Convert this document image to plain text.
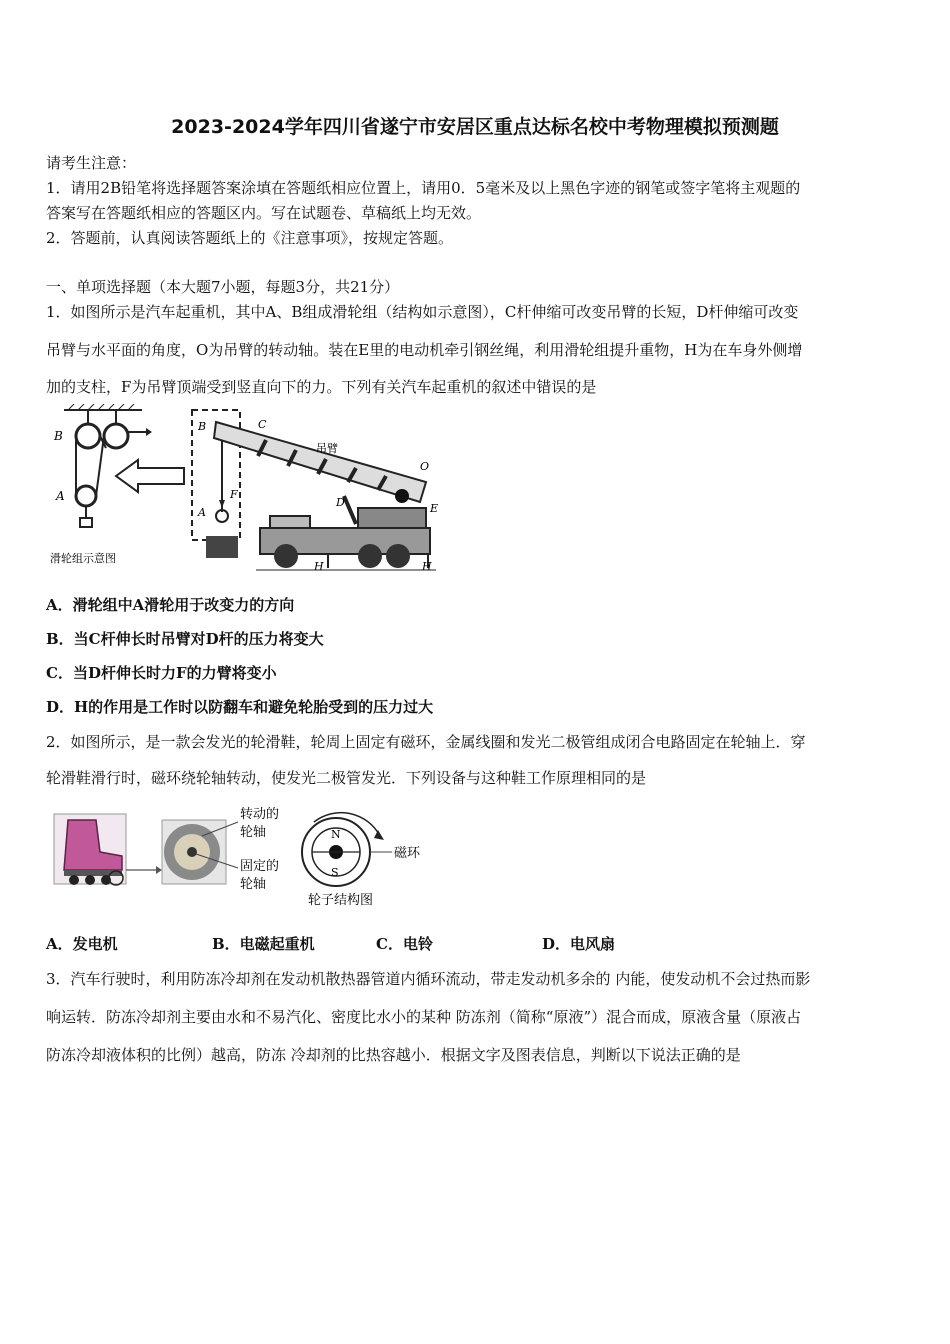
2023-2024学年四川省遂宁市安居区重点达标名校中考物理模拟预测题
请考生注意：
1．请用2B铅笔将选择题答案涂填在答题纸相应位置上，请用0．5毫米及以上黑色字迹的钢笔或签字笔将主观题的
答案写在答题纸相应的答题区内。写在试题卷、草稿纸上均无效。
2．答题前，认真阅读答题纸上的《注意事项》，按规定答题。
一、单项选择题（本大题7小题，每题3分，共21分）
1．如图所示是汽车起重机，其中A、B组成滑轮组（结构如示意图），C杆伸缩可改变吊臂的长短，D杆伸缩可改变
吊臂与水平面的角度，O为吊臂的转动轴。装在E里的电动机牵引钢丝绳，利用滑轮组提升重物，H为在车身外侧增
加的支柱，F为吊臂顶端受到竖直向下的力。下列有关汽车起重机的叙述中错误的是
B
A
滑轮组示意图
B
A
F
C
吊臂
O
D	E
H	H
A．滑轮组中A滑轮用于改变力的方向
B．当C杆伸长时吊臂对D杆的压力将变大
C．当D杆伸长时力F的力臂将变小
D．H的作用是工作时以防翻车和避免轮胎受到的压力过大
2．如图所示，是一款会发光的轮滑鞋，轮周上固定有磁环，金属线圈和发光二极管组成闭合电路固定在轮轴上．穿
轮滑鞋滑行时，磁环绕轮轴转动，使发光二极管发光．下列设备与这种鞋工作原理相同的是
转动的
轮轴
固定的
轮轴
N
S
磁环
轮子结构图
A．发电机	B．电磁起重机	C．电铃	D．电风扇
3．汽车行驶时，利用防冻冷却剂在发动机散热器管道内循环流动，带走发动机多余的 内能，使发动机不会过热而影
响运转．防冻冷却剂主要由水和不易汽化、密度比水小的某种 防冻剂（简称“原液”）混合而成，原液含量（原液占
防冻冷却液体积的比例）越高，防冻 冷却剂的比热容越小．根据文字及图表信息，判断以下说法正确的是
